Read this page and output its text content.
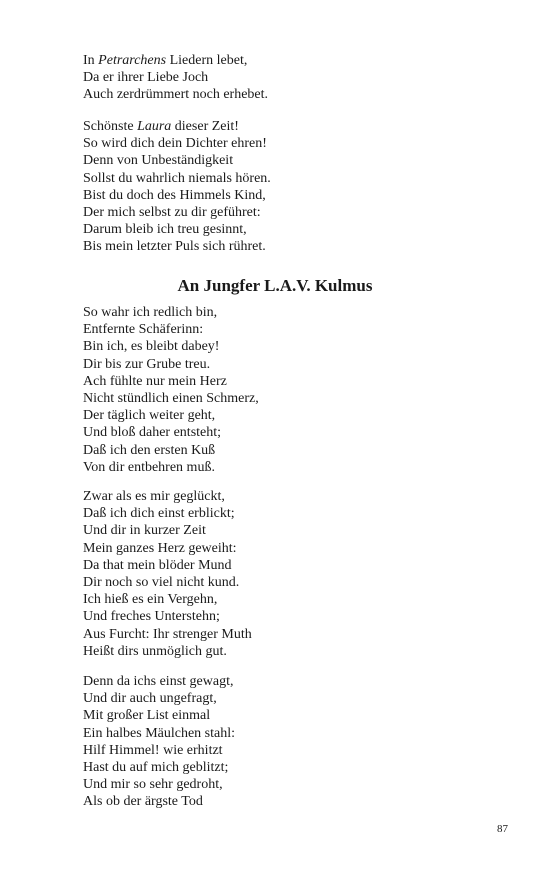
In Petrarchens Liedern lebet,
Da er ihrer Liebe Joch
Auch zerdrümmert noch erhebet.
Schönste Laura dieser Zeit!
So wird dich dein Dichter ehren!
Denn von Unbeständigkeit
Sollst du wahrlich niemals hören.
Bist du doch des Himmels Kind,
Der mich selbst zu dir geführet:
Darum bleib ich treu gesinnt,
Bis mein letzter Puls sich rühret.
An Jungfer L.A.V. Kulmus
So wahr ich redlich bin,
Entfernte Schäferinn:
Bin ich, es bleibt dabey!
Dir bis zur Grube treu.
Ach fühlte nur mein Herz
Nicht stündlich einen Schmerz,
Der täglich weiter geht,
Und bloß daher entsteht;
Daß ich den ersten Kuß
Von dir entbehren muß.
Zwar als es mir geglückt,
Daß ich dich einst erblickt;
Und dir in kurzer Zeit
Mein ganzes Herz geweiht:
Da that mein blöder Mund
Dir noch so viel nicht kund.
Ich hieß es ein Vergehn,
Und freches Unterstehn;
Aus Furcht: Ihr strenger Muth
Heißt dirs unmöglich gut.
Denn da ichs einst gewagt,
Und dir auch ungefragt,
Mit großer List einmal
Ein halbes Mäulchen stahl:
Hilf Himmel! wie erhitzt
Hast du auf mich geblitzt;
Und mir so sehr gedroht,
Als ob der ärgste Tod
87
